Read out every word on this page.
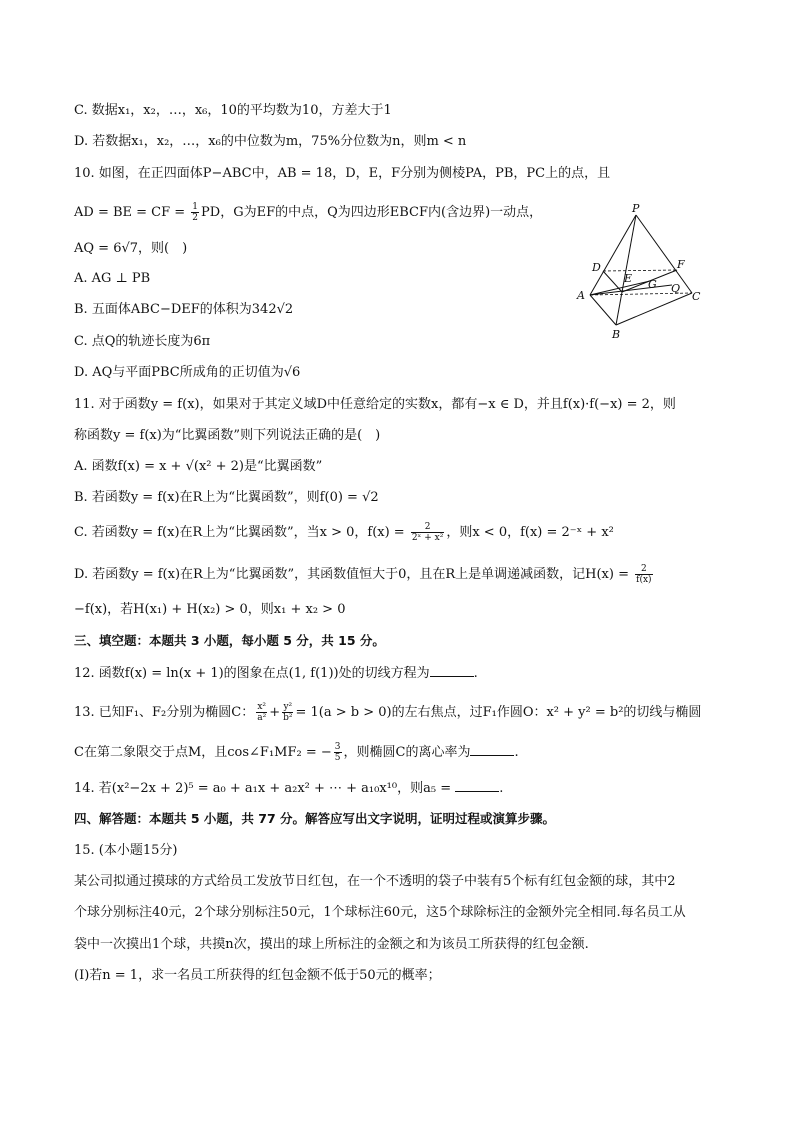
C. 数据x₁，x₂，…，x₆，10的平均数为10，方差大于1
D. 若数据x₁，x₂，…，x₆的中位数为m，75%分位数为n，则m < n
10. 如图，在正四面体P−ABC中，AB = 18，D，E，F分别为侧棱PA，PB，PC上的点，且
AD = BE = CF = $\frac{1}{2}$ PD，G为EF的中点，Q为四边形EBCF内(含边界)一动点，
AQ = 6√7，则(　)
A. AG ⊥ PB
B. 五面体ABC−DEF的体积为342√2
C. 点Q的轨迹长度为6π
D. AQ与平面PBC所成角的正切值为√6
P
D
E
F
G Q
A
B
C
11. 对于函数y = f(x)，如果对于其定义域D中任意给定的实数x，都有−x ∈ D，并且f(x)·f(−x) = 2，则
称函数y = f(x)为“比翼函数”则下列说法正确的是(　)
A. 函数f(x) = x + √(x² + 2)是“比翼函数”
B. 若函数y = f(x)在R上为“比翼函数”，则f(0) = √2
C. 若函数y = f(x)在R上为“比翼函数”，当x > 0，$f(x) = \frac{2}{\text{2ˣ + x²}}$ ，则x < 0，f(x) = 2⁻ˣ + x²
D. 若函数y = f(x)在R上为“比翼函数”，其函数值恒大于0，且在R上是单调递减函数，记$H(x) = \frac{2}{f(x)}$
−f(x)，若H(x₁) + H(x₂) > 0，则x₁ + x₂ > 0
三、填空题：本题共 3 小题，每小题 5 分，共 15 分。
12. 函数f(x) = ln(x + 1)的图象在点(1, f(1))处的切线方程为	.
13. 已知F₁、F₂分别为椭圆C： $\frac{\text{x²}}{\text{a²}} + \frac{\text{y²}}{\text{b²}} = 1(a > b > 0)$的左右焦点，过F₁作圆O：x² + y² = b²的切线与椭圆
C在第二象限交于点M，且cos∠F₁MF₂ = − $\frac{3}{5}$ ，则椭圆C的离心率为	.
14. 若(x²−2x + 2)⁵ = a₀ + a₁x + a₂x² + ⋯ + a₁₀x¹⁰，则a₅ =	.
四、解答题：本题共 5 小题，共 77 分。解答应写出文字说明，证明过程或演算步骤。
15. (本小题15分)
某公司拟通过摸球的方式给员工发放节日红包，在一个不透明的袋子中装有5个标有红包金额的球，其中2
个球分别标注40元，2个球分别标注50元，1个球标注60元，这5个球除标注的金额外完全相同.每名员工从
袋中一次摸出1个球，共摸n次，摸出的球上所标注的金额之和为该员工所获得的红包金额.
(Ⅰ)若n = 1，求一名员工所获得的红包金额不低于50元的概率；
